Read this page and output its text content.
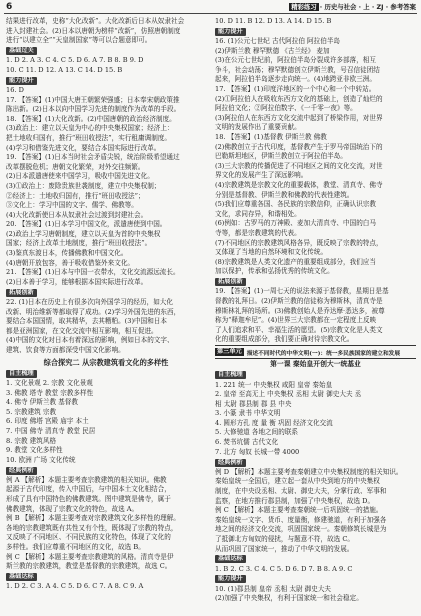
6	精彩练习 · 历史与社会 · 上 · ZJ · 参考答案
结果进行改革，史称“大化改新”。大化改新后日本从奴隶社会
进入封建社会。(2)日本以唐朝为榜样“改新”，仿照唐朝制度
进行“以建立全”“天皇制国家”等可以合题意即可。
基础过关
1. D 2. A 3. C 4. C 5. D 6. A 7. B 8. B 9. D
10. C 11. D 12. A 13. C 14. D 15. B
能力提升
16. D
17. 【答案】(1)中国大唐王朝繁荣强盛；日本奉宋朝政策推
陈出新。(2)日本以向中国学习先进的制度作为改革的手段。
18. 【答案】(1)大化改新。(2)中国唐朝的政治经济制度。
(3)政治上：建立以天皇为中心的中央集权国家；经济上：
把土地收归国有，推行“班田收授法”，实行租庸调制度。
(4)学习和借鉴先进文化，要结合本国实际进行改革。
19. 【答案】(1)日本当时社会矛盾尖锐，统治阶级希望通过
改革摆脱危机；唐朝文化繁荣，对外交往频繁。
(2)日本派遣唐使来中国学习，吸收中国先进文化。
(3)①政治上：废除贵族世袭制度，建立中央集权制；
②经济上：土地收归国有，推行“班田收授法”；
③文化上：学习中国的文字、儒学、佛教等。
(4)大化改新使日本从奴隶社会过渡到封建社会。
20. 【答案】(1)日本学习中国文化，派遣唐使到中国。
(2)政治上学习唐朝制度，建立以天皇为首的中央集权
国家；经济上改革土地制度，推行“班田收授法”。
(3)鉴真东渡日本，传播佛教和中国文化。
(4)唐朝开放包容，善于吸收借鉴外来文化。
21. 【答案】(1)日本与中国一衣带水，文化交流源远流长。
(2)日本善于学习，能够根据本国实际进行改革。
拓展创新
22. (1)日本在历史上有很多次向外国学习的经历，如大化
改新、明治维新等都取得了成功。(2)学习外国先进的东西，
要结合本国国情，取其精华，去其糟粕。(3)中国和日本
都是亚洲国家，在文化交流中相互影响，相互促进。
(4)中国的文化对日本有着深远的影响，例如日本的文字、
建筑、饮食等方面都深受中国文化影响。
综合探究二 从宗教建筑看文化的多样性
自主梳理
1. 文化景观 2. 宗教 文化景观
3. 佛教 塔寺 教堂 宗教多样性
4. 佛寺 伊斯兰教 基督教
5. 宗教建筑 宗教
6. 印度 佛塔 宫殿 庙宇 本土
7. 中国 佛寺 清真寺 教堂 民居
8. 宗教 建筑风格
9. 教堂 文化多样性
10. 欧洲 广场 文化传统
经典例析
例 A 【解析】本题主要考查宗教建筑的相关知识。佛教
起源于古代印度，传入中国后，与中国本土文化相结合，
形成了具有中国特色的佛教建筑。图中建筑是佛寺，属于
佛教建筑，体现了宗教文化的特色，故选 A。
例 B 【解析】本题主要考查对宗教建筑文化多样性的理解。
各地的宗教建筑既有共性又有个性，既体现了宗教的特点，
又反映了不同地区、不同民族的文化特色，体现了文化的
多样性。我们应尊重不同地区的文化，故选 B。
例 C 【解析】本题主要考查宗教建筑的风格。清真寺是伊
斯兰教的宗教建筑，教堂是基督教的宗教建筑，故选 C。
基础达标
1. D 2. C 3. A 4. C 5. D 6. C 7. A 8. C 9. A
10. D 11. B 12. D 13. A 14. D 15. B
能力提升
16. (1)公元七世纪 古代阿拉伯 阿拉伯半岛
(2)伊斯兰教 穆罕默德 《古兰经》 麦加
(3)在公元七世纪前，阿拉伯半岛分裂成许多部落，相互
争斗，社会动荡；穆罕默德创立伊斯兰教，号召信徒团结
起来，阿拉伯半岛逐步走向统一。(4)地跨亚非欧三洲。
17. 【答案】(1)印度洋地区的一个中心和一个中转站。
(2)①阿拉伯人在吸收东西方文化的基础上，创造了灿烂的
阿拉伯文化；②阿拉伯数字、《一千零一夜》等。
(3)阿拉伯人在东西方文化交流中起到了桥梁作用，对世界
文明的发展作出了重要贡献。
18. 【答案】(1)基督教 伊斯兰教 佛教
(2)佛教创立于古代印度，基督教产生于罗马帝国统治下的
巴勒斯坦地区，伊斯兰教创立于阿拉伯半岛。
(3)三大宗教的传播促进了不同地区之间的文化交流，对世
界文化的发展产生了深远影响。
(4)宗教建筑是宗教文化的重要载体，教堂、清真寺、佛寺
分别是基督教、伊斯兰教和佛教的代表性建筑。
(5)我们应尊重各国、各民族的宗教信仰，正确认识宗教
文化，求同存异，和谐相处。
(6)例如：古罗马的万神殿、麦加大清真寺、中国的白马
寺等，都是宗教建筑的代表。
(7)不同地区的宗教建筑风格各异，既反映了宗教的特点，
又体现了当地的自然环境和文化传统。
(8)宗教建筑是人类文化遗产的重要组成部分，我们应当
加以保护，传承和弘扬优秀的传统文化。
拓展创新
19. 【答案】(1)一周七天的说法来源于基督教，星期日是基
督教的礼拜日。(2)伊斯兰教的信徒称为穆斯林，清真寺是
穆斯林礼拜的场所。(3)佛教创始人是乔达摩·悉达多，被尊
称为“释迦牟尼”。(4)世界三大宗教都在一定程度上反映
了人们追求和平、幸福生活的愿望。(5)宗教文化是人类文
化的重要组成部分，我们要正确对待宗教文化。
第三单元 描述不同时代的中华文明(一)：统一多民族国家的建立和发展
第一课 秦始皇开创大一统基业
自主梳理
1. 221 统一 中央集权 咸阳 皇帝 秦始皇
2. 皇帝 至高无上 中央集权 丞相 太尉 御史大夫 丞
相 太尉 郡县制 郡 县 中央
3. 小篆 隶书 中华文明
4. 圆形方孔 度 量 衡 巩固 经济文化交流
5. 大修驰道 各地之间的联系
6. 焚书坑儒 古代文化
7. 北方 匈奴 长城一带 4000
经典例析
例 D 【解析】本题主要考查秦朝建立中央集权制度的相关知识。
秦始皇统一全国后，建立起一套从中央到地方的中央集权
制度，在中央设丞相、太尉、御史大夫，分掌行政、军事和
监察，在地方推行郡县制，加强了中央集权，故选 D。
例 C 【解析】本题主要考查秦朝统一后巩固统一的措施。
秦始皇统一文字、货币、度量衡，修建驰道，有利于加强各
地之间的经济文化交流，巩固国家统一。秦朝修筑长城是为
了抵御北方匈奴的侵扰，与题意不符，故选 C。
从而巩固了国家统一，推动了中华文明的发展。
基础达标
1. B 2. C 3. C 4. C 5. D 6. D 7. B 8. A 9. C
能力提升
10. (1)郡县制 皇帝 丞相 太尉 御史大夫
(2)加强了中央集权，有利于国家统一和社会稳定。
